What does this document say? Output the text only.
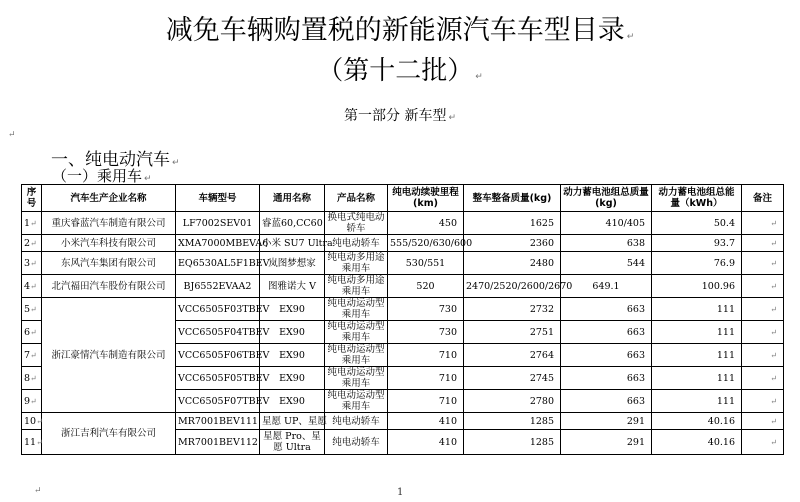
减免车辆购置税的新能源汽车车型目录 ↵
（第十二批） ↵
第一部分 新车型 ↵
↵
一、纯电动汽车 ↵
（一）乘用车 ↵
序号	汽车生产企业名称	车辆型号	通用名称	产品名称	纯电动续驶里程(km)	整车整备质量(kg)	动力蓄电池组总质量(kg)	动力蓄电池组总能量（kWh）	备注
1↵	重庆睿蓝汽车制造有限公司	LF7002SEV01	睿蓝60,CC60	换电式纯电动轿车	450	1625	410/405	50.4	↵
2↵	小米汽车科技有限公司	XMA7000MBEVA6	小米 SU7 Ultra	纯电动轿车	555/520/630/600	2360	638	93.7	↵
3↵	东风汽车集团有限公司	EQ6530AL5F1BEV	岚图梦想家	纯电动多用途乘用车	530/551	2480	544	76.9	↵
4↵	北汽福田汽车股份有限公司	BJ6552EVAA2	图雅诺大 V	纯电动多用途乘用车	520	2470/2520/2600/2670	649.1	100.96	↵
5↵	浙江豪情汽车制造有限公司	VCC6505F03TBEV	EX90	纯电动运动型乘用车	730	2732	663	111	↵
6↵		VCC6505F04TBEV	EX90	纯电动运动型乘用车	730	2751	663	111	↵
7↵		VCC6505F06TBEV	EX90	纯电动运动型乘用车	710	2764	663	111	↵
8↵		VCC6505F05TBEV	EX90	纯电动运动型乘用车	710	2745	663	111	↵
9↵		VCC6505F07TBEV	EX90	纯电动运动型乘用车	710	2780	663	111	↵
10↵	浙江吉利汽车有限公司	MR7001BEV111	星愿 UP、星愿	纯电动轿车	410	1285	291	40.16	↵
11↵		MR7001BEV112	星愿 Pro、星愿 Ultra	纯电动轿车	410	1285	291	40.16	↵
↵	1
